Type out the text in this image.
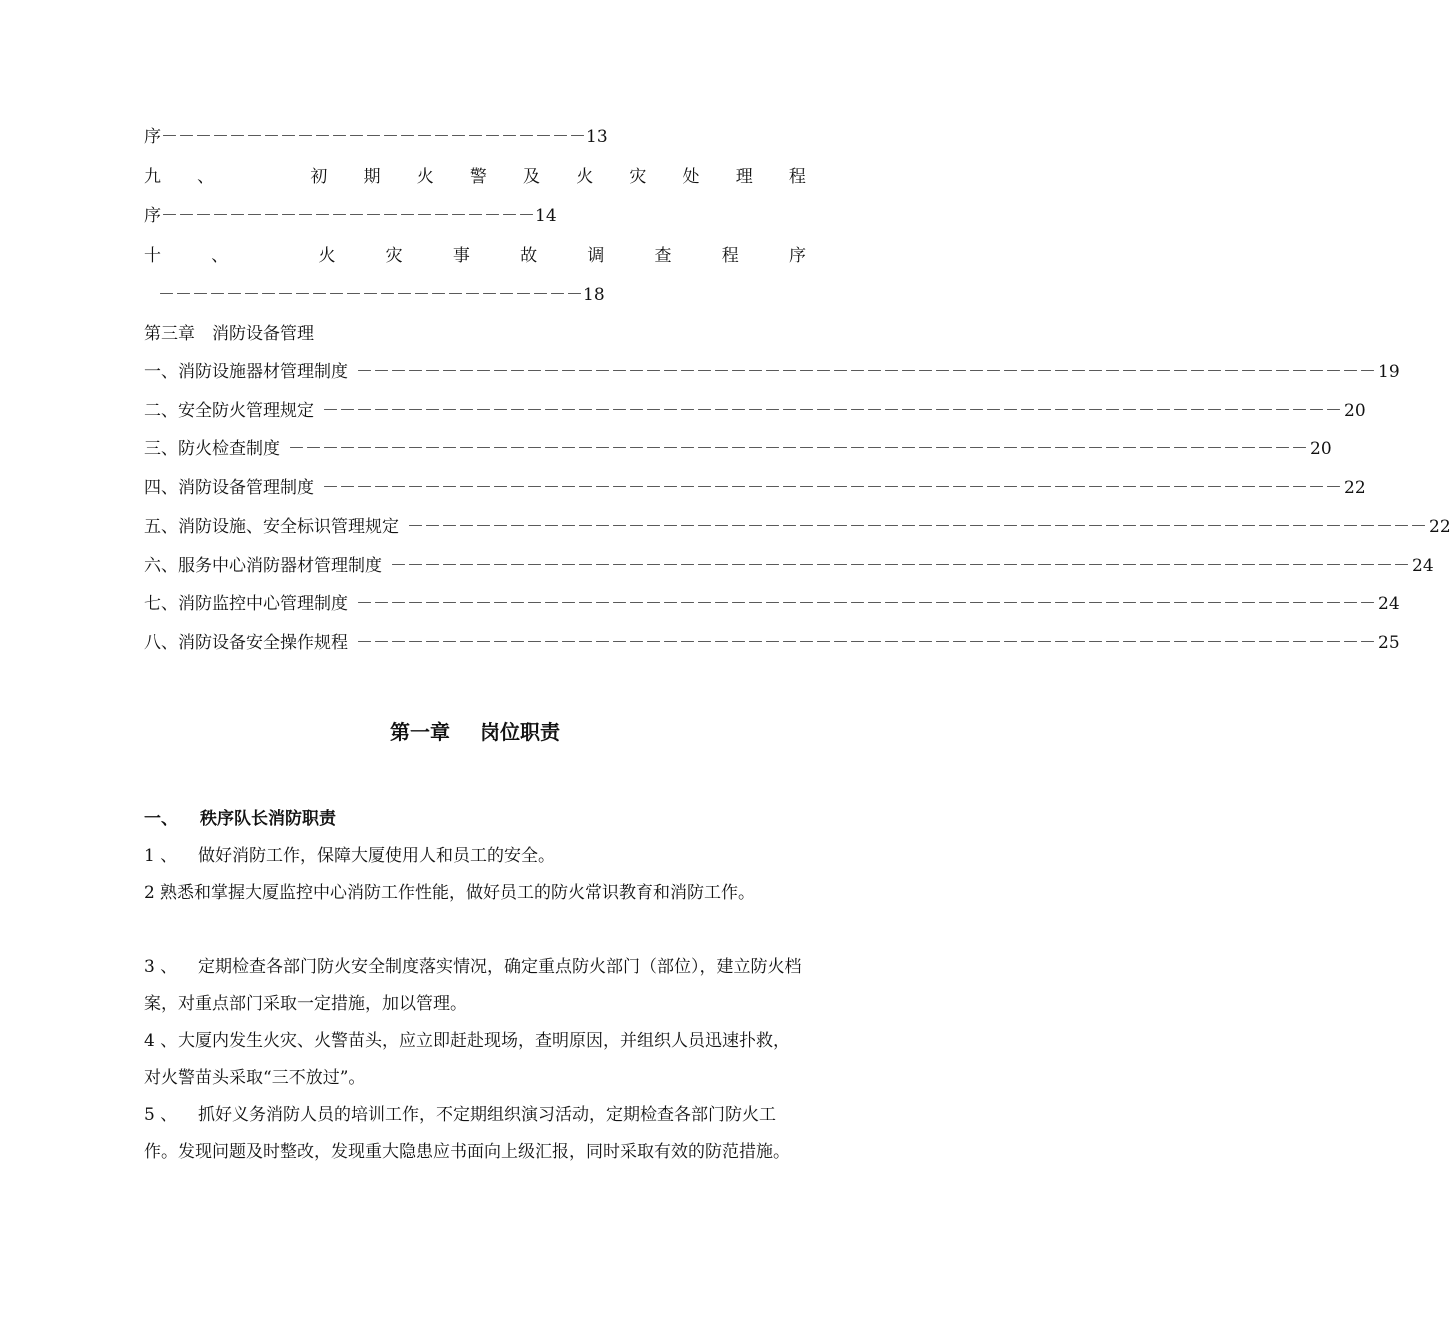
序 －－－－－－－－－－－－－－－－－－－－－－－－－ 13
九 、	初 期 火 警 及 火 灾 处 理 程
序 －－－－－－－－－－－－－－－－－－－－－－ 14
十	、	火	灾	事	故	调	查	程	序
－－－－－－－－－－－－－－－－－－－－－－－－－ 18
第三章　消防设备管理
一、消防设施器材管理制度 －－－－－－－－－－－－－－－－－－－－－－－－－－－－－－－－－－－－－－－－－－－－－－－－－－－－－－－－－－－－ 19
二、安全防火管理规定 －－－－－－－－－－－－－－－－－－－－－－－－－－－－－－－－－－－－－－－－－－－－－－－－－－－－－－－－－－－－ 20
三、防火检查制度 －－－－－－－－－－－－－－－－－－－－－－－－－－－－－－－－－－－－－－－－－－－－－－－－－－－－－－－－－－－－ 20
四、消防设备管理制度 －－－－－－－－－－－－－－－－－－－－－－－－－－－－－－－－－－－－－－－－－－－－－－－－－－－－－－－－－－－－ 22
五、消防设施、安全标识管理规定 －－－－－－－－－－－－－－－－－－－－－－－－－－－－－－－－－－－－－－－－－－－－－－－－－－－－－－－－－－－－ 22
六、服务中心消防器材管理制度 －－－－－－－－－－－－－－－－－－－－－－－－－－－－－－－－－－－－－－－－－－－－－－－－－－－－－－－－－－－－ 24
七、消防监控中心管理制度 －－－－－－－－－－－－－－－－－－－－－－－－－－－－－－－－－－－－－－－－－－－－－－－－－－－－－－－－－－－－ 24
八、消防设备安全操作规程 －－－－－－－－－－－－－－－－－－－－－－－－－－－－－－－－－－－－－－－－－－－－－－－－－－－－－－－－－－－－ 25
第一章 岗位职责
一、 秩序队长消防职责
1 、 做好消防工作，保障大厦使用人和员工的安全。
2 熟悉和掌握大厦监控中心消防工作性能，做好员工的防火常识教育和消防工作。
3 、 定期检查各部门防火安全制度落实情况，确定重点防火部门（部位），建立防火档案，对重点部门采取一定措施，加以管理。
4 、大厦内发生火灾、火警苗头，应立即赶赴现场，查明原因，并组织人员迅速扑救，对火警苗头采取“三不放过”。
5 、 抓好义务消防人员的培训工作，不定期组织演习活动，定期检查各部门防火工作。发现问题及时整改，发现重大隐患应书面向上级汇报，同时采取有效的防范措施。
